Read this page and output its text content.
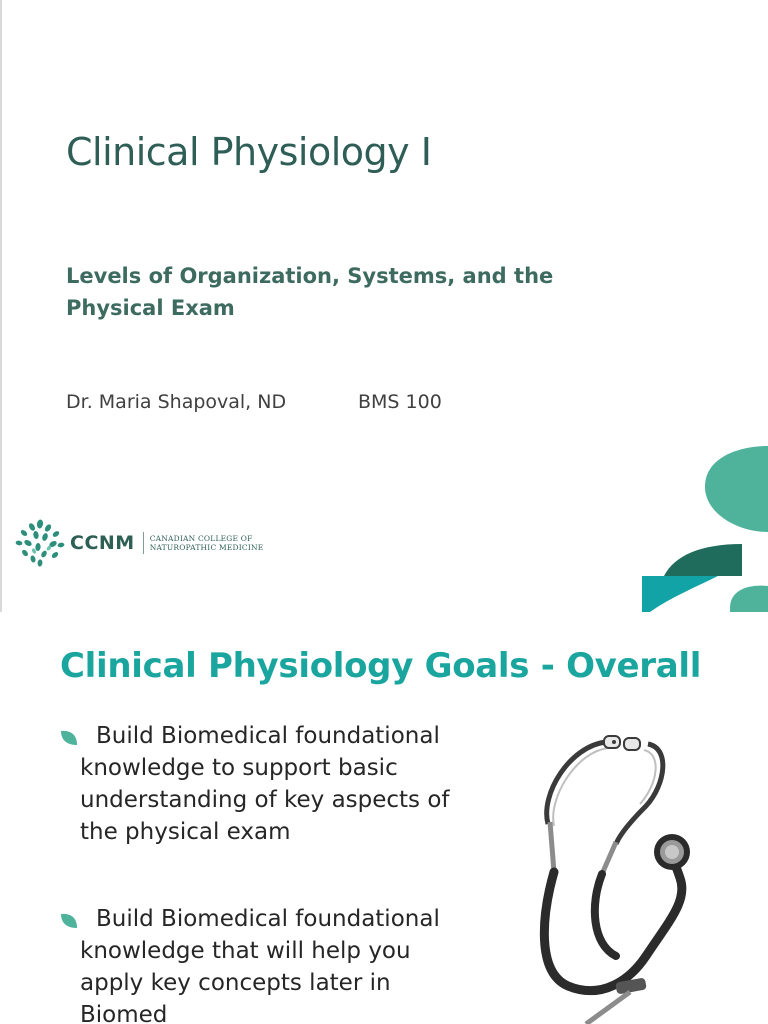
Clinical Physiology I
Levels of Organization, Systems, and the
Physical Exam
Dr. Maria Shapoval, ND	BMS 100
CCNM CANADIAN COLLEGE OF
NATUROPATHIC MEDICINE
Clinical Physiology Goals - Overall
Build Biomedical foundational
knowledge to support basic
understanding of key aspects of
the physical exam
Build Biomedical foundational
knowledge that will help you
apply key concepts later in
Biomed
